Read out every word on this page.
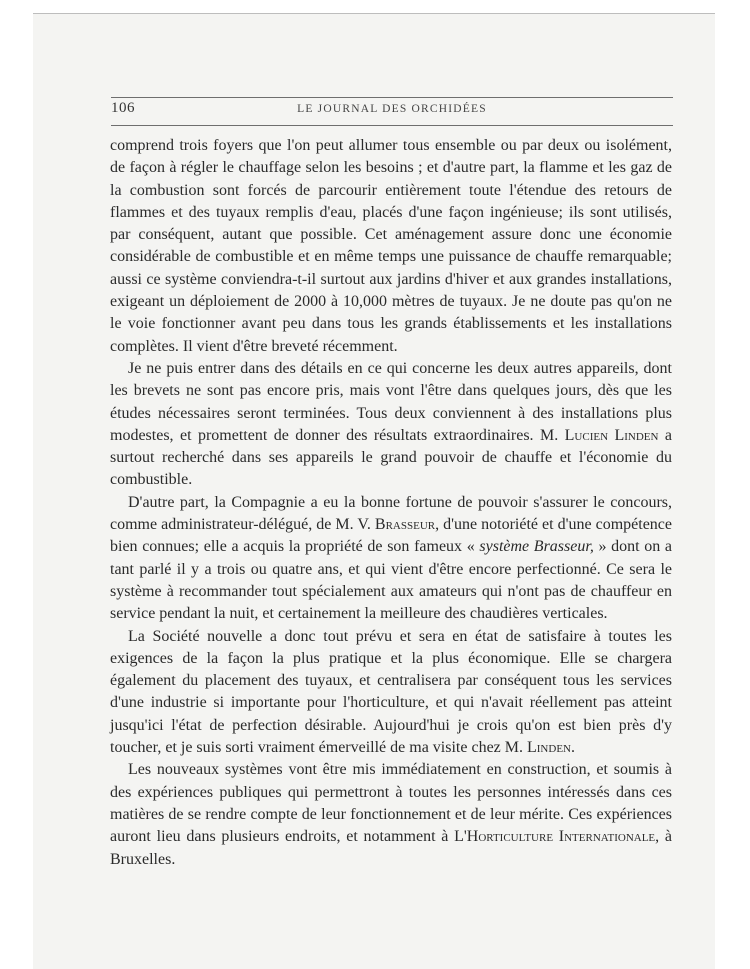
106	LE JOURNAL DES ORCHIDÉES

comprend trois foyers que l'on peut allumer tous ensemble ou par deux ou isolément, de façon à régler le chauffage selon les besoins ; et d'autre part, la flamme et les gaz de la combustion sont forcés de parcourir entièrement toute l'étendue des retours de flammes et des tuyaux remplis d'eau, placés d'une façon ingénieuse; ils sont utilisés, par conséquent, autant que possible. Cet aménagement assure donc une économie considérable de combustible et en même temps une puissance de chauffe remarquable; aussi ce système conviendra-t-il surtout aux jardins d'hiver et aux grandes installations, exigeant un déploiement de 2000 à 10,000 mètres de tuyaux. Je ne doute pas qu'on ne le voie fonctionner avant peu dans tous les grands établissements et les installations complètes. Il vient d'être breveté récemment.

Je ne puis entrer dans des détails en ce qui concerne les deux autres appareils, dont les brevets ne sont pas encore pris, mais vont l'être dans quelques jours, dès que les études nécessaires seront terminées. Tous deux conviennent à des installations plus modestes, et promettent de donner des résultats extraordinaires. M. Lucien Linden a surtout recherché dans ses appareils le grand pouvoir de chauffe et l'économie du combustible.

D'autre part, la Compagnie a eu la bonne fortune de pouvoir s'assurer le concours, comme administrateur-délégué, de M. V. Brasseur, d'une notoriété et d'une compétence bien connues; elle a acquis la propriété de son fameux « système Brasseur, » dont on a tant parlé il y a trois ou quatre ans, et qui vient d'être encore perfectionné. Ce sera le système à recommander tout spécialement aux amateurs qui n'ont pas de chauffeur en service pendant la nuit, et certainement la meilleure des chaudières verticales.

La Société nouvelle a donc tout prévu et sera en état de satisfaire à toutes les exigences de la façon la plus pratique et la plus économique. Elle se chargera également du placement des tuyaux, et centralisera par conséquent tous les services d'une industrie si importante pour l'horticulture, et qui n'avait réellement pas atteint jusqu'ici l'état de perfection désirable. Aujourd'hui je crois qu'on est bien près d'y toucher, et je suis sorti vraiment émerveillé de ma visite chez M. Linden.

Les nouveaux systèmes vont être mis immédiatement en construction, et soumis à des expériences publiques qui permettront à toutes les personnes intéressés dans ces matières de se rendre compte de leur fonctionnement et de leur mérite. Ces expériences auront lieu dans plusieurs endroits, et notamment à L'Horticulture Internationale, à Bruxelles.
